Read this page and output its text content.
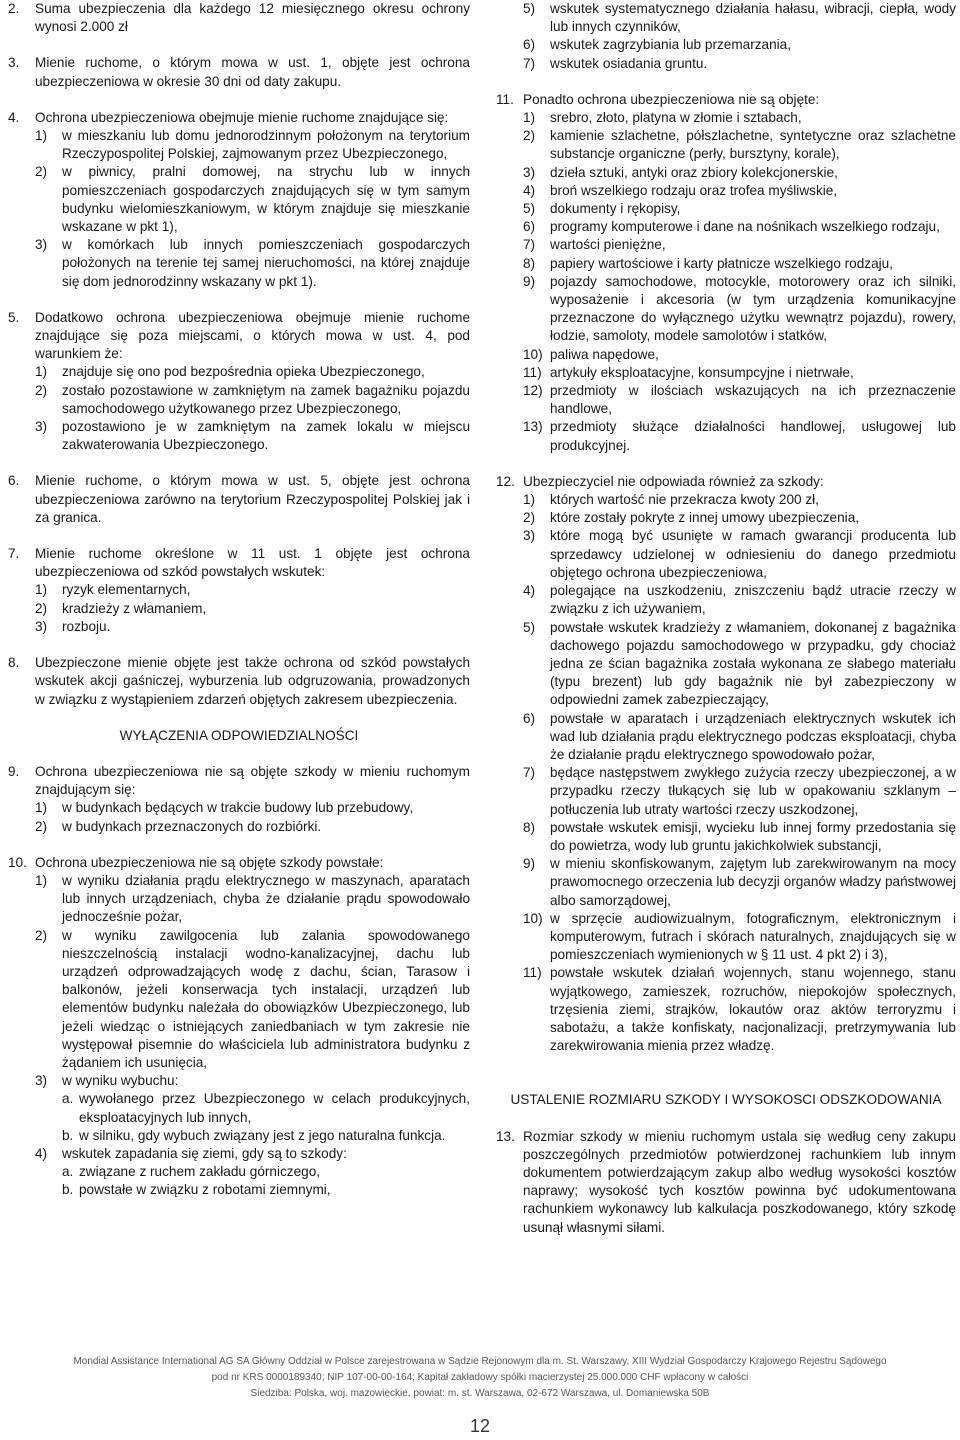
2. Suma ubezpieczenia dla każdego 12 miesięcznego okresu ochrony wynosi 2.000 zł
3. Mienie ruchome, o którym mowa w ust. 1, objęte jest ochrona ubezpieczeniowa w okresie 30 dni od daty zakupu.
4. Ochrona ubezpieczeniowa obejmuje mienie ruchome znajdujące się:
1) w mieszkaniu lub domu jednorodzinnym położonym na terytorium Rzeczypospolitej Polskiej, zajmowanym przez Ubezpieczonego,
2) w piwnicy, pralni domowej, na strychu lub w innych pomieszczeniach gospodarczych znajdujących się w tym samym budynku wielomieszkaniowym, w którym znajduje się mieszkanie wskazane w pkt 1),
3) w komórkach lub innych pomieszczeniach gospodarczych położonych na terenie tej samej nieruchomości, na której znajduje się dom jednorodzinny wskazany w pkt 1).
5. Dodatkowo ochrona ubezpieczeniowa obejmuje mienie ruchome znajdujące się poza miejscami, o których mowa w ust. 4, pod warunkiem że:
1) znajduje się ono pod bezpośrednia opieka Ubezpieczonego,
2) zostało pozostawione w zamkniętym na zamek bagażniku pojazdu samochodowego użytkowanego przez Ubezpieczonego,
3) pozostawiono je w zamkniętym na zamek lokalu w miejscu zakwaterowania Ubezpieczonego.
6. Mienie ruchome, o którym mowa w ust. 5, objęte jest ochrona ubezpieczeniowa zarówno na terytorium Rzeczypospolitej Polskiej jak i za granica.
7. Mienie ruchome określone w 11 ust. 1 objęte jest ochrona ubezpieczeniowa od szkód powstałych wskutek:
1) ryzyk elementarnych,
2) kradzieży z włamaniem,
3) rozboju.
8. Ubezpieczone mienie objęte jest także ochrona od szkód powstałych wskutek akcji gaśniczej, wyburzenia lub odgruzowania, prowadzonych w związku z wystąpieniem zdarzeń objętych zakresem ubezpieczenia.
WYŁĄCZENIA ODPOWIEDZIALNOŚCI
9. Ochrona ubezpieczeniowa nie są objęte szkody w mieniu ruchomym znajdującym się:
1) w budynkach będących w trakcie budowy lub przebudowy,
2) w budynkach przeznaczonych do rozbiórki.
10. Ochrona ubezpieczeniowa nie są objęte szkody powstałe:
1) w wyniku działania prądu elektrycznego w maszynach, aparatach lub innych urządzeniach, chyba że działanie prądu spowodowało jednocześnie pożar,
2) w wyniku zawilgocenia lub zalania spowodowanego nieszczelnością instalacji wodno-kanalizacyjnej, dachu lub urządzeń odprowadzających wodę z dachu, ścian, Tarasow i balkonów, jeżeli konserwacja tych instalacji, urządzeń lub elementów budynku należała do obowiązków Ubezpieczonego, lub jeżeli wiedząc o istniejących zaniedbaniach w tym zakresie nie występował pisemnie do właściciela lub administratora budynku z żądaniem ich usunięcia,
3) w wyniku wybuchu:
a. wywołanego przez Ubezpieczonego w celach produkcyjnych, eksploatacyjnych lub innych,
b. w silniku, gdy wybuch związany jest z jego naturalna funkcja.
4) wskutek zapadania się ziemi, gdy są to szkody:
a. związane z ruchem zakładu górniczego,
b. powstałe w związku z robotami ziemnymi,
5) wskutek systematycznego działania hałasu, wibracji, ciepła, wody lub innych czynników,
6) wskutek zagrzybiania lub przemarzania,
7) wskutek osiadania gruntu.
11. Ponadto ochrona ubezpieczeniowa nie są objęte:
1) srebro, złoto, platyna w złomie i sztabach,
2) kamienie szlachetne, półszlachetne, syntetyczne oraz szlachetne substancje organiczne (perły, bursztyny, korale),
3) dzieła sztuki, antyki oraz zbiory kolekcjonerskie,
4) broń wszelkiego rodzaju oraz trofea myśliwskie,
5) dokumenty i rękopisy,
6) programy komputerowe i dane na nośnikach wszelkiego rodzaju,
7) wartości pieniężne,
8) papiery wartościowe i karty płatnicze wszelkiego rodzaju,
9) pojazdy samochodowe, motocykle, motorowery oraz ich silniki, wyposażenie i akcesoria (w tym urządzenia komunikacyjne przeznaczone do wyłącznego użytku wewnątrz pojazdu), rowery, łodzie, samoloty, modele samolotów i statków,
10) paliwa napędowe,
11) artykuły eksploatacyjne, konsumpcyjne i nietrwałe,
12) przedmioty w ilościach wskazujących na ich przeznaczenie handlowe,
13) przedmioty służące działalności handlowej, usługowej lub produkcyjnej.
12. Ubezpieczyciel nie odpowiada również za szkody:
1) których wartość nie przekracza kwoty 200 zł,
2) które zostały pokryte z innej umowy ubezpieczenia,
3) które mogą być usunięte w ramach gwarancji producenta lub sprzedawcy udzielonej w odniesieniu do danego przedmiotu objętego ochrona ubezpieczeniowa,
4) polegające na uszkodzeniu, zniszczeniu bądź utracie rzeczy w związku z ich używaniem,
5) powstałe wskutek kradzieży z włamaniem, dokonanej z bagażnika dachowego pojazdu samochodowego w przypadku, gdy chociaż jedna ze ścian bagażnika została wykonana ze słabego materiału (typu brezent) lub gdy bagażnik nie był zabezpieczony w odpowiedni zamek zabezpieczający,
6) powstałe w aparatach i urządzeniach elektrycznych wskutek ich wad lub działania prądu elektrycznego podczas eksploatacji, chyba że działanie prądu elektrycznego spowodowało pożar,
7) będące następstwem zwykłego zużycia rzeczy ubezpieczonej, a w przypadku rzeczy tłukących się lub w opakowaniu szklanym – potłuczenia lub utraty wartości rzeczy uszkodzonej,
8) powstałe wskutek emisji, wycieku lub innej formy przedostania się do powietrza, wody lub gruntu jakichkolwiek substancji,
9) w mieniu skonfiskowanym, zajętym lub zarekwirowanym na mocy prawomocnego orzeczenia lub decyzji organów władzy państwowej albo samorządowej,
10) w sprzęcie audiowizualnym, fotograficznym, elektronicznym i komputerowym, futrach i skórach naturalnych, znajdujących się w pomieszczeniach wymienionych w § 11 ust. 4 pkt 2) i 3),
11) powstałe wskutek działań wojennych, stanu wojennego, stanu wyjątkowego, zamieszek, rozruchów, niepokojów społecznych, trzęsienia ziemi, strajków, lokautów oraz aktów terroryzmu i sabotażu, a także konfiskaty, nacjonalizacji, pretrzymywania lub zarekwirowania mienia przez władzę.
USTALENIE ROZMIARU SZKODY I WYSOKOSCI ODSZKODOWANIA
13. Rozmiar szkody w mieniu ruchomym ustala się według ceny zakupu poszczególnych przedmiotów potwierdzonej rachunkiem lub innym dokumentem potwierdzającym zakup albo według wysokości kosztów naprawy; wysokość tych kosztów powinna być udokumentowana rachunkiem wykonawcy lub kalkulacja poszkodowanego, który szkodę usunął własnymi siłami.
Mondial Assistance International AG SA Główny Oddział w Polsce zarejestrowana w Sądzie Rejonowym dla m. St. Warszawy, XIII Wydział Gospodarczy Krajowego Rejestru Sądowego
pod nr KRS 0000189340; NIP 107-00-00-164; Kapitał zakładowy spółki macierzystej 25.000.000 CHF wpłacony w całości
Siedziba: Polska, woj. mazowieckie, powiat: m. st. Warszawa, 02-672 Warszawa, ul. Domaniewska 50B
12
